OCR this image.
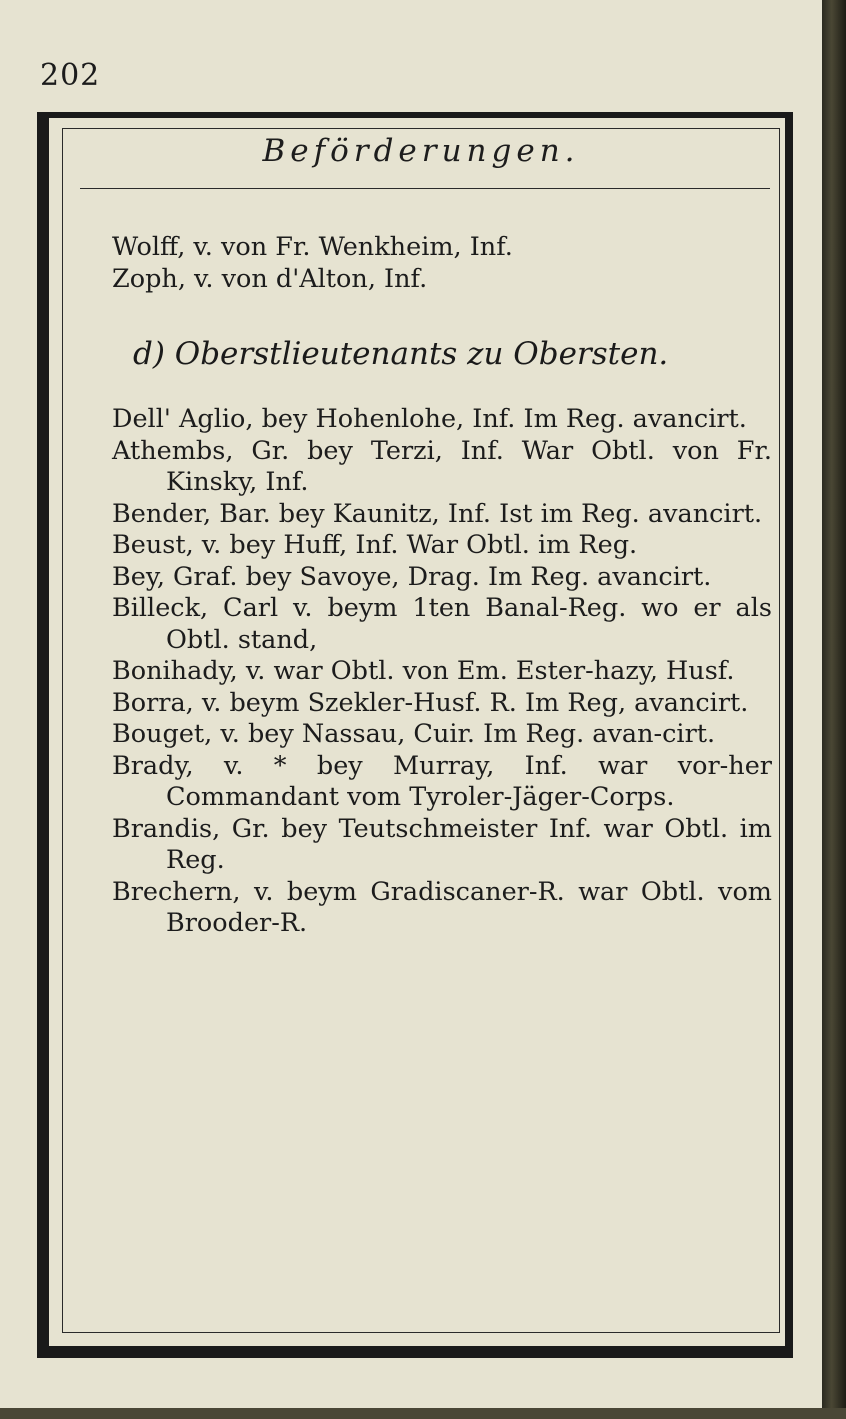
202
Beförderungen.
Wolff, v. von Fr. Wenkheim, Inf.
Zoph, v. von d'Alton, Inf.
d) Oberstlieutenants zu Obersten.

Dell' Aglio, bey Hohenlohe, Inf. Im Reg. avancirt.

Athembs, Gr. bey Terzi, Inf. War Obtl. von Fr. Kinsky, Inf.

Bender, Bar. bey Kaunitz, Inf. Ist im Reg. avancirt.

Beust, v. bey Huff, Inf. War Obtl. im Reg.

Bey, Graf. bey Savoye, Drag. Im Reg. avancirt.

Billeck, Carl v. beym 1ten Banal-Reg. wo er als Obtl. stand,

Bonihady, v. war Obtl. von Em. Ester-hazy, Husf.

Borra, v. beym Szekler-Husf. R. Im Reg, avancirt.

Bouget, v. bey Nassau, Cuir. Im Reg. avan-cirt.

Brady, v. * bey Murray, Inf. war vor-her Commandant vom Tyroler-Jäger-Corps.

Brandis, Gr. bey Teutschmeister Inf. war Obtl. im Reg.

Brechern, v. beym Gradiscaner-R. war Obtl. vom Brooder-R.
